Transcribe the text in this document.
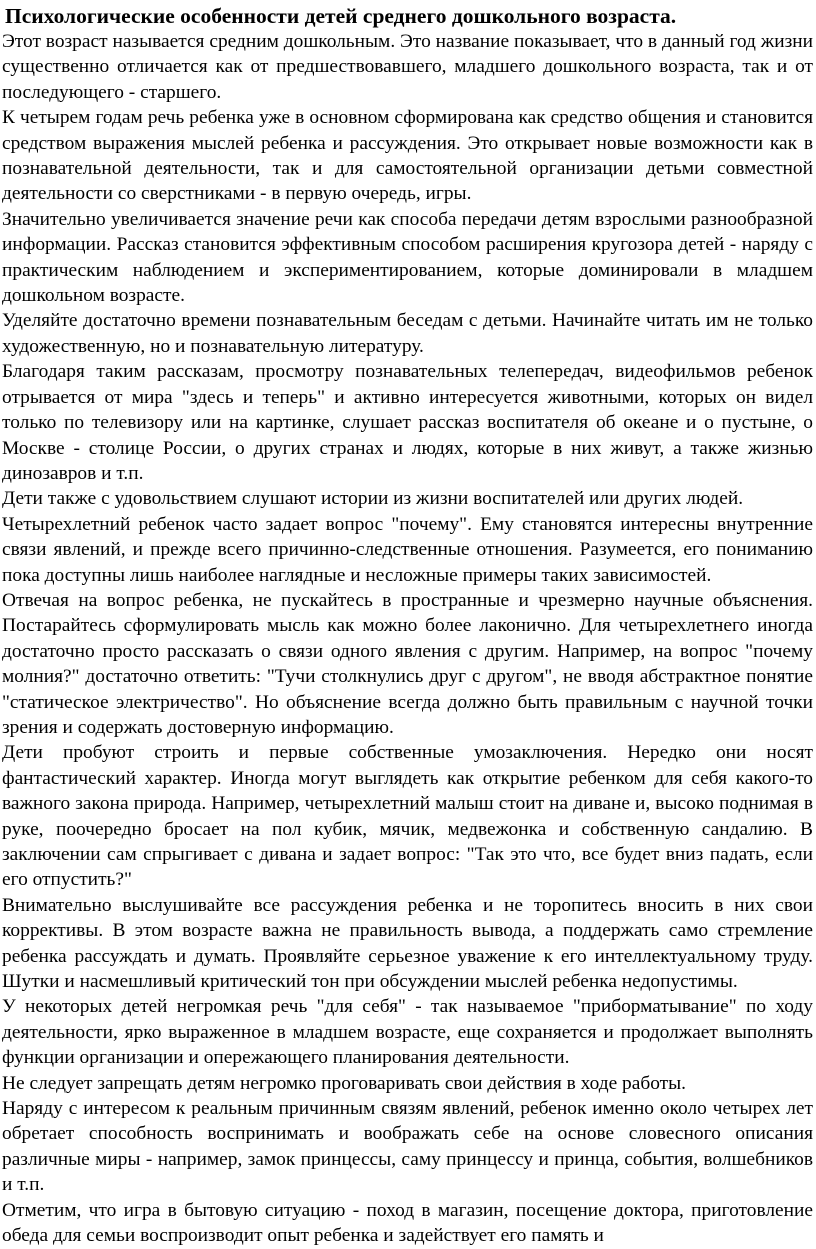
Психологические особенности детей среднего дошкольного возраста.

Этот возраст называется средним дошкольным. Это название показывает, что в данный год жизни существенно отличается как от предшествовавшего, младшего дошкольного возраста, так и от последующего - старшего.

К четырем годам речь ребенка уже в основном сформирована как средство общения и становится средством выражения мыслей ребенка и рассуждения. Это открывает новые возможности как в познавательной деятельности, так и для самостоятельной организации детьми совместной деятельности со сверстниками - в первую очередь, игры.

Значительно увеличивается значение речи как способа передачи детям взрослыми разнообразной информации. Рассказ становится эффективным способом расширения кругозора детей - наряду с практическим наблюдением и экспериментированием, которые доминировали в младшем дошкольном возрасте.

Уделяйте достаточно времени познавательным беседам с детьми. Начинайте читать им не только художественную, но и познавательную литературу.

Благодаря таким рассказам, просмотру познавательных телепередач, видеофильмов ребенок отрывается от мира "здесь и теперь" и активно интересуется животными, которых он видел только по телевизору или на картинке, слушает рассказ воспитателя об океане и о пустыне, о Москве - столице России, о других странах и людях, которые в них живут, а также жизнью динозавров и т.п.

Дети также с удовольствием слушают истории из жизни воспитателей или других людей.

Четырехлетний ребенок часто задает вопрос "почему". Ему становятся интересны внутренние связи явлений, и прежде всего причинно-следственные отношения. Разумеется, его пониманию пока доступны лишь наиболее наглядные и несложные примеры таких зависимостей.

Отвечая на вопрос ребенка, не пускайтесь в пространные и чрезмерно научные объяснения. Постарайтесь сформулировать мысль как можно более лаконично. Для четырехлетнего иногда достаточно просто рассказать о связи одного явления с другим. Например, на вопрос "почему молния?" достаточно ответить: "Тучи столкнулись друг с другом", не вводя абстрактное понятие "статическое электричество". Но объяснение всегда должно быть правильным с научной точки зрения и содержать достоверную информацию.

Дети пробуют строить и первые собственные умозаключения. Нередко они носят фантастический характер. Иногда могут выглядеть как открытие ребенком для себя какого-то важного закона природа. Например, четырехлетний малыш стоит на диване и, высоко поднимая в руке, поочередно бросает на пол кубик, мячик, медвежонка и собственную сандалию. В заключении сам спрыгивает с дивана и задает вопрос: "Так это что, все будет вниз падать, если его отпустить?"

Внимательно выслушивайте все рассуждения ребенка и не торопитесь вносить в них свои коррективы. В этом возрасте важна не правильность вывода, а поддержать само стремление ребенка рассуждать и думать. Проявляйте серьезное уважение к его интеллектуальному труду. Шутки и насмешливый критический тон при обсуждении мыслей ребенка недопустимы.

У некоторых детей негромкая речь "для себя" - так называемое "приборматывание" по ходу деятельности, ярко выраженное в младшем возрасте, еще сохраняется и продолжает выполнять функции организации и опережающего планирования деятельности.

Не следует запрещать детям негромко проговаривать свои действия в ходе работы.

Наряду с интересом к реальным причинным связям явлений, ребенок именно около четырех лет обретает способность воспринимать и воображать себе на основе словесного описания различные миры - например, замок принцессы, саму принцессу и принца, события, волшебников и т.п.

Отметим, что игра в бытовую ситуацию - поход в магазин, посещение доктора, приготовление обеда для семьи воспроизводит опыт ребенка и задействует его память и
